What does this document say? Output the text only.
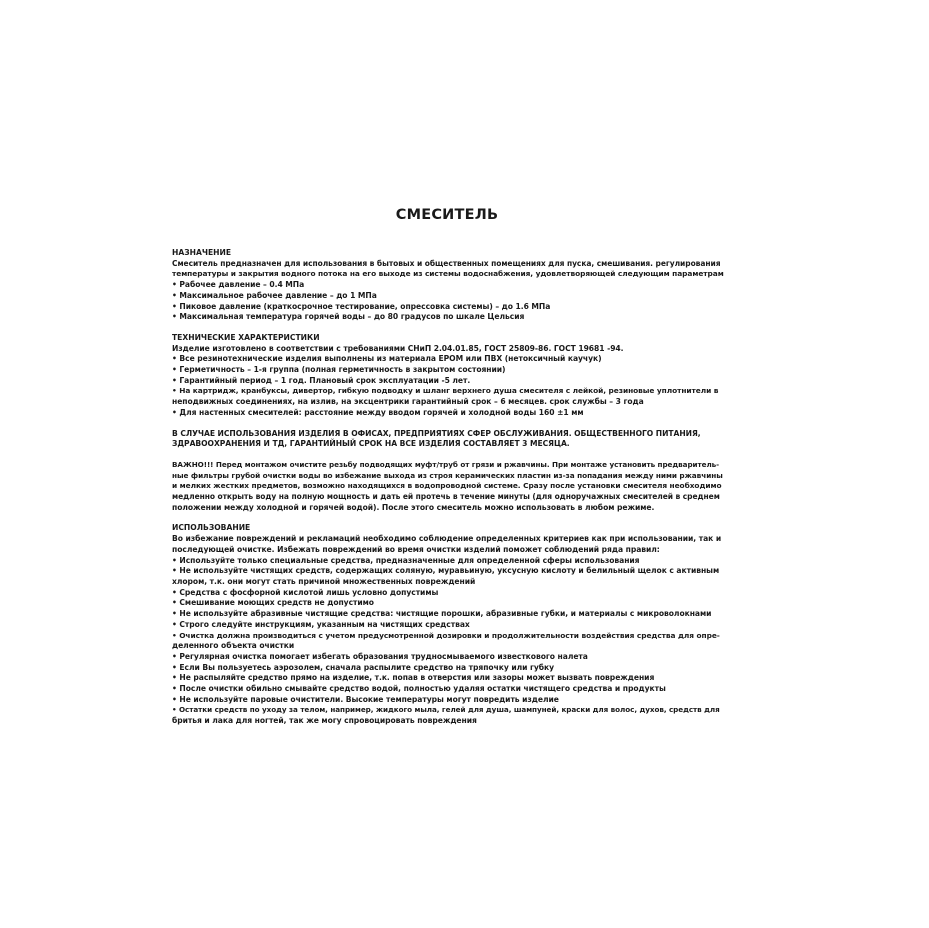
СМЕСИТЕЛЬ
НАЗНАЧЕНИЕ
Смеситель предназначен для использования в бытовых и общественных помещениях для пуска, смешивания. регулирования
температуры и закрытия водного потока на его выходе из системы водоснабжения, удовлетворяющей следующим параметрам
• Рабочее давление – 0.4 МПа
• Максимальное рабочее давление – до 1 МПа
• Пиковое давление (краткосрочное тестирование, опрессовка системы) – до 1.6 МПа
• Максимальная температура горячей воды – до 80 градусов по шкале Цельсия
ТЕХНИЧЕСКИЕ ХАРАКТЕРИСТИКИ
Изделие изготовлено в соответствии с требованиями СНиП 2.04.01.85, ГОСТ 25809-86. ГОСТ 19681 -94.
• Все резинотехнические изделия выполнены из материала EPOM или ПВХ (нетоксичный каучук)
• Герметичность – 1-я группа (полная герметичность в закрытом состоянии)
• Гарантийный период – 1 год. Плановый срок эксплуатации -5 лет.
• На картридж, кранбуксы, дивертор, гибкую подводку и шланг верхнего душа смесителя с лейкой, резиновые уплотнители в
неподвижных соединениях, на излив, на эксцентрики гарантийный срок – 6 месяцев. срок службы – 3 года
• Для настенных смесителей: расстояние между вводом горячей и холодной воды 160 ±1 мм
В СЛУЧАЕ ИСПОЛЬЗОВАНИЯ ИЗДЕЛИЯ В ОФИСАХ, ПРЕДПРИЯТИЯХ СФЕР ОБСЛУЖИВАНИЯ. ОБЩЕСТВЕННОГО ПИТАНИЯ,
ЗДРАВООХРАНЕНИЯ И ТД, ГАРАНТИЙНЫЙ СРОК НА ВСЕ ИЗДЕЛИЯ СОСТАВЛЯЕТ 3 МЕСЯЦА.
ВАЖНО!!! Перед монтажом очистите резьбу подводящих муфт/труб от грязи и ржавчины. При монтаже установить предваритель-
ные фильтры грубой очистки воды во избежание выхода из строя керамических пластин из-за попадания между ними ржавчины
и мелких жестких предметов, возможно находящихся в водопроводной системе. Сразу после установки смесителя необходимо
медленно открыть воду на полную мощность и дать ей протечь в течение минуты (для одноручажных смесителей в среднем
положении между холодной и горячей водой). После этого смеситель можно использовать в любом режиме.
ИСПОЛЬЗОВАНИЕ
Во избежание повреждений и рекламаций необходимо соблюдение определенных критериев как при использовании, так и
последующей очистке. Избежать повреждений во время очистки изделий поможет соблюдений ряда правил:
• Используйте только специальные средства, предназначенные для определенной сферы использования
• Не используйте чистящих средств, содержащих соляную, муравьиную, уксусную кислоту и белильный щелок с активным
хлором, т.к. они могут стать причиной множественных повреждений
• Средства с фосфорной кислотой лишь условно допустимы
• Смешивание моющих средств не допустимо
• Не используйте абразивные чистящие средства: чистящие порошки, абразивные губки, и материалы с микроволокнами
• Строго следуйте инструкциям, указанным на чистящих средствах
• Очистка должна производиться с учетом предусмотренной дозировки и продолжительности воздействия средства для опре-
деленного объекта очистки
• Регулярная очистка помогает избегать образования трудносмываемого известкового налета
• Если Вы пользуетесь аэрозолем, сначала распылите средство на тряпочку или губку
• Не распыляйте средство прямо на изделие, т.к. попав в отверстия или зазоры может вызвать повреждения
• После очистки обильно смывайте средство водой, полностью удаляя остатки чистящего средства и продукты
• Не используйте паровые очистители. Высокие температуры могут повредить изделие
• Остатки средств по уходу за телом, например, жидкого мыла, гелей для душа, шампуней, краски для волос, духов, средств для
бритья и лака для ногтей, так же могу спровоцировать повреждения
